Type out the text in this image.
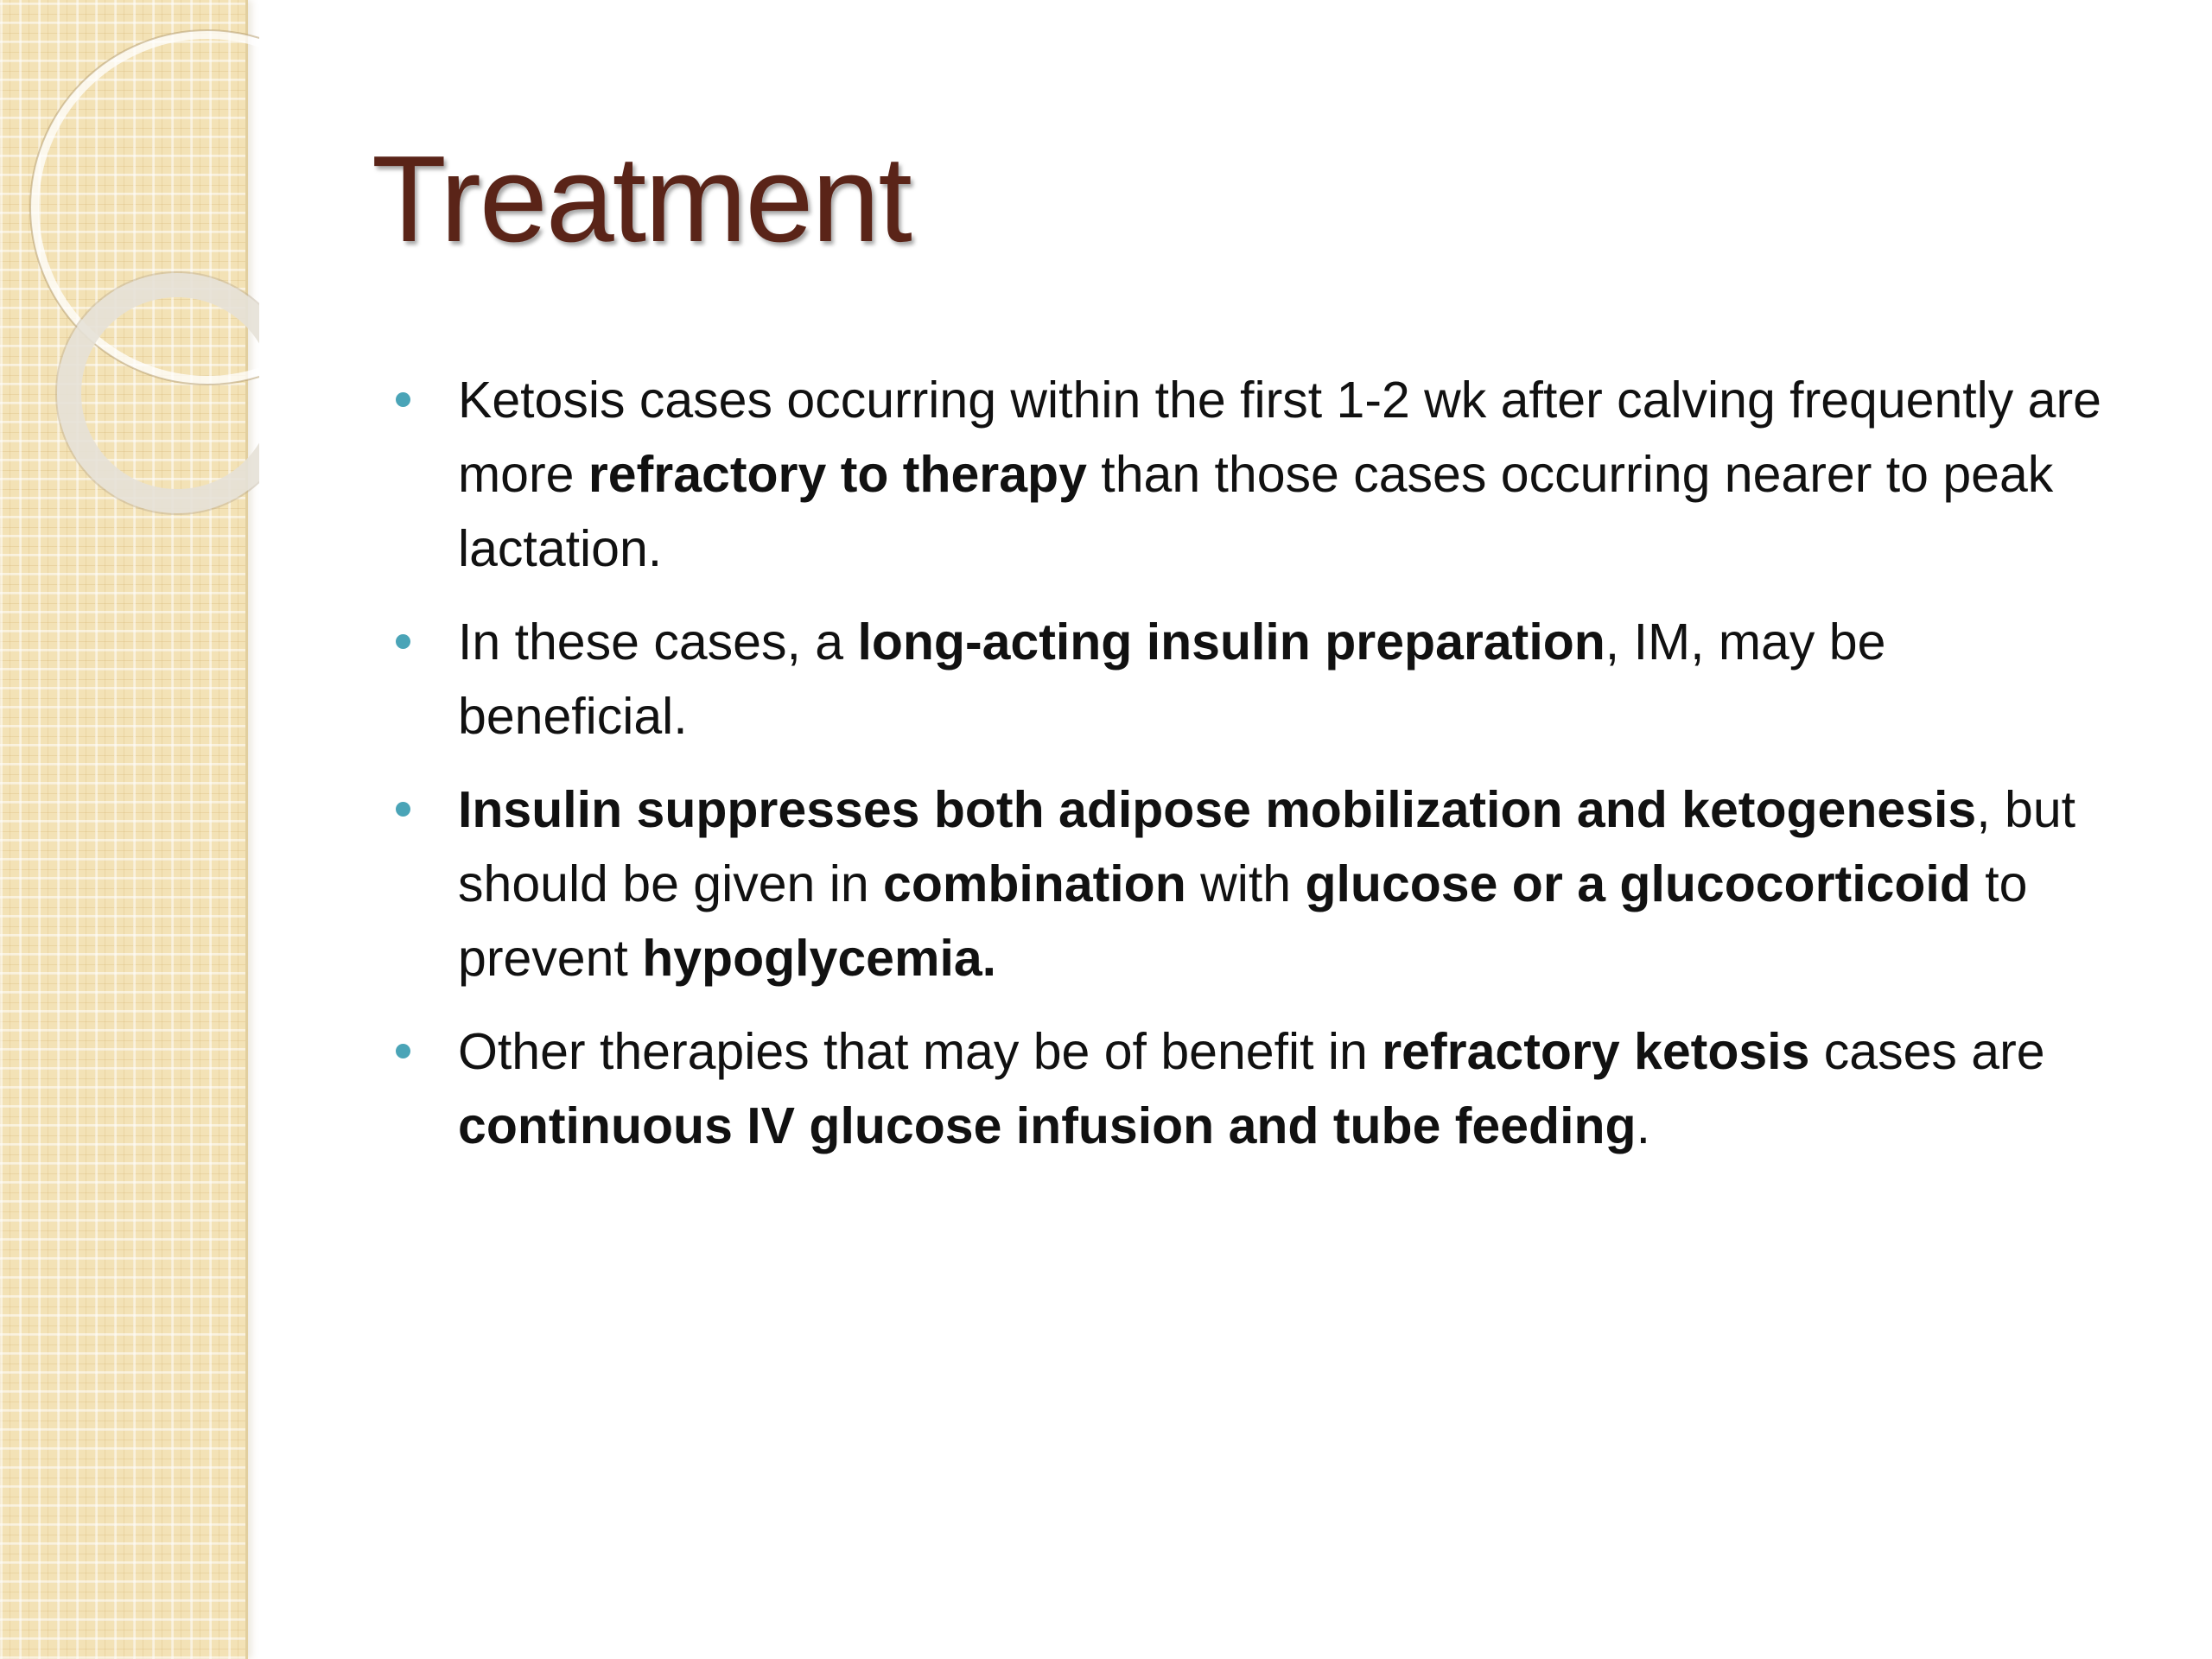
Treatment
Ketosis cases occurring within the first 1-2 wk after calving frequently are more refractory to therapy than those cases occurring nearer to peak lactation.
In these cases, a long-acting insulin preparation, IM, may be beneficial.
Insulin suppresses both adipose mobilization and ketogenesis, but should be given in combination with glucose or a glucocorticoid to prevent hypoglycemia.
Other therapies that may be of benefit in refractory ketosis cases are continuous IV glucose infusion and tube feeding.
